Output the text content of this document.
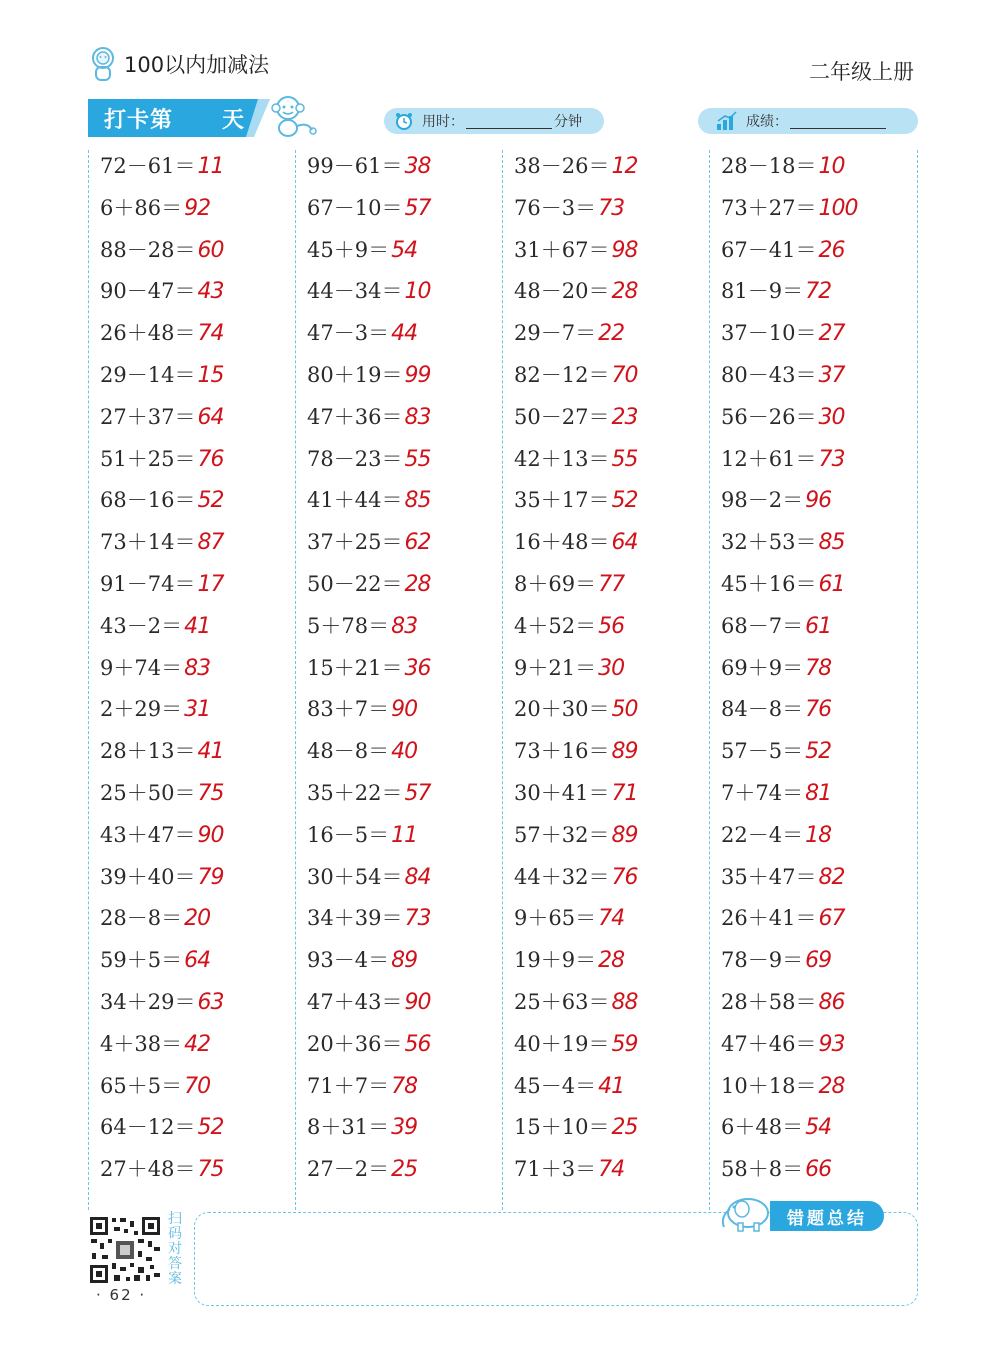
100以内加减法	二年级上册
打卡第 天	用时：	分钟	成绩：
72－61＝ 11
6＋86＝ 92
88－28＝ 60
90－47＝ 43
26＋48＝ 74
29－14＝ 15
27＋37＝ 64
51＋25＝ 76
68－16＝ 52
73＋14＝ 87
91－74＝ 17
43－2＝ 41
9＋74＝ 83
2＋29＝ 31
28＋13＝ 41
25＋50＝ 75
43＋47＝ 90
39＋40＝ 79
28－8＝ 20
59＋5＝ 64
34＋29＝ 63
4＋38＝ 42
65＋5＝ 70
64－12＝ 52
27＋48＝ 75
99－61＝ 38
67－10＝ 57
45＋9＝ 54
44－34＝ 10
47－3＝ 44
80＋19＝ 99
47＋36＝ 83
78－23＝ 55
41＋44＝ 85
37＋25＝ 62
50－22＝ 28
5＋78＝ 83
15＋21＝ 36
83＋7＝ 90
48－8＝ 40
35＋22＝ 57
16－5＝ 11
30＋54＝ 84
34＋39＝ 73
93－4＝ 89
47＋43＝ 90
20＋36＝ 56
71＋7＝ 78
8＋31＝ 39
27－2＝ 25
38－26＝ 12
76－3＝ 73
31＋67＝ 98
48－20＝ 28
29－7＝ 22
82－12＝ 70
50－27＝ 23
42＋13＝ 55
35＋17＝ 52
16＋48＝ 64
8＋69＝ 77
4＋52＝ 56
9＋21＝ 30
20＋30＝ 50
73＋16＝ 89
30＋41＝ 71
57＋32＝ 89
44＋32＝ 76
9＋65＝ 74
19＋9＝ 28
25＋63＝ 88
40＋19＝ 59
45－4＝ 41
15＋10＝ 25
71＋3＝ 74
28－18＝ 10
73＋27＝ 100
67－41＝ 26
81－9＝ 72
37－10＝ 27
80－43＝ 37
56－26＝ 30
12＋61＝ 73
98－2＝ 96
32＋53＝ 85
45＋16＝ 61
68－7＝ 61
69＋9＝ 78
84－8＝ 76
57－5＝ 52
7＋74＝ 81
22－4＝ 18
35＋47＝ 82
26＋41＝ 67
78－9＝ 69
28＋58＝ 86
47＋46＝ 93
10＋18＝ 28
6＋48＝ 54
58＋8＝ 66
扫码对答案
· 62 ·
错题总结
